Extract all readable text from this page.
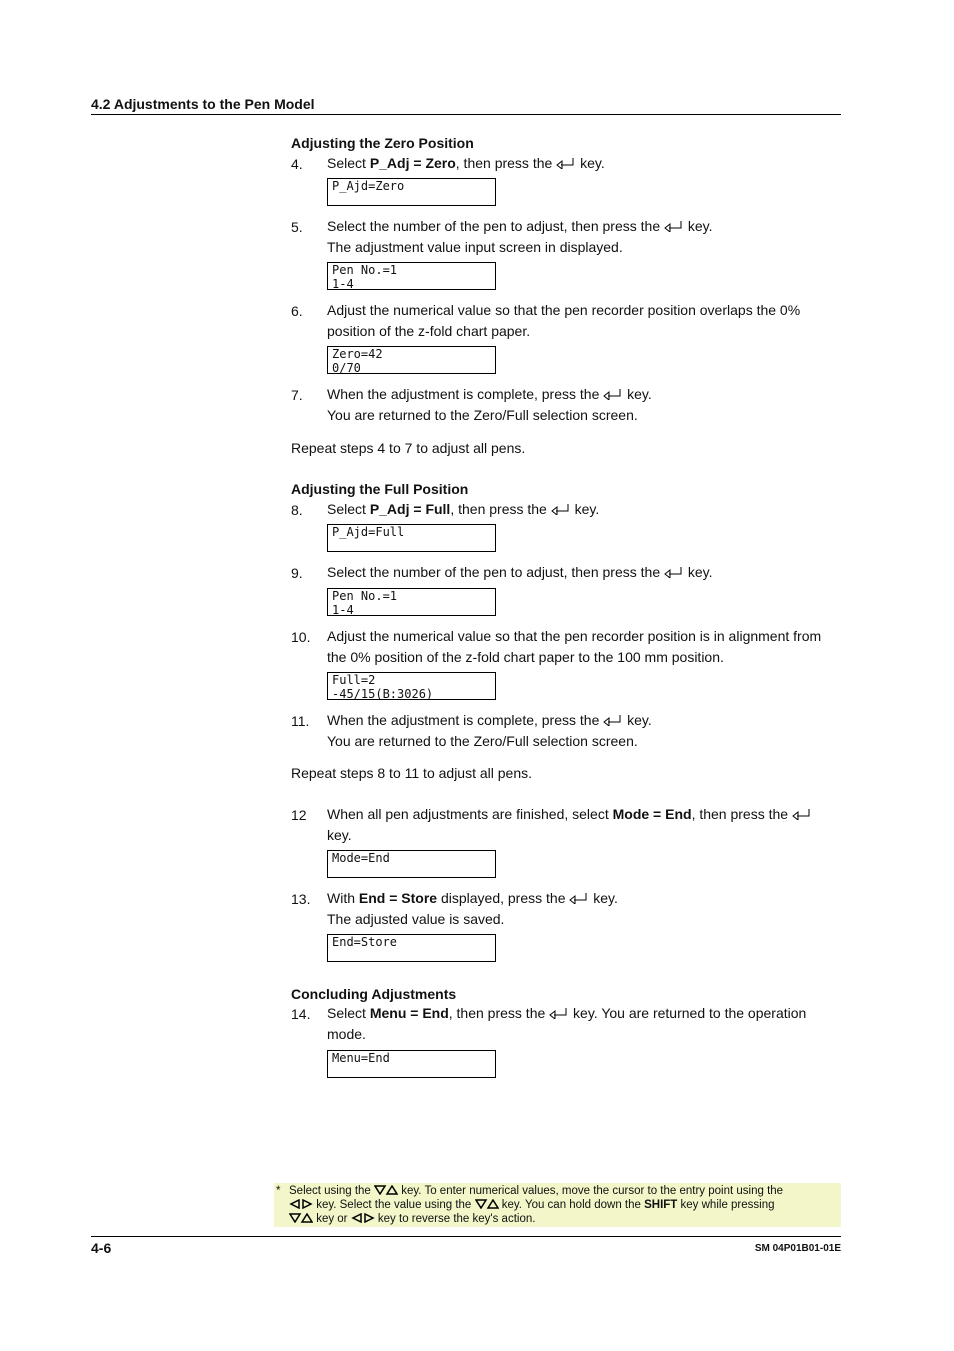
4.2 Adjustments to the Pen Model
Adjusting the Zero Position
4. Select P_Adj = Zero, then press the  key.
P_Ajd=Zero
5. Select the number of the pen to adjust, then press the  key.
The adjustment value input screen in displayed.
Pen No.=1
1-4
6. Adjust the numerical value so that the pen recorder position overlaps the 0%
position of the z-fold chart paper.
Zero=42
0/70
7. When the adjustment is complete, press the  key.
You are returned to the Zero/Full selection screen.
Repeat steps 4 to 7 to adjust all pens.
Adjusting the Full Position
8. Select P_Adj = Full, then press the  key.
P_Ajd=Full
9. Select the number of the pen to adjust, then press the  key.
Pen No.=1
1-4
10. Adjust the numerical value so that the pen recorder position is in alignment from
the 0% position of the z-fold chart paper to the 100 mm position.
Full=2
-45/15(B:3026)
11. When the adjustment is complete, press the  key.
You are returned to the Zero/Full selection screen.
Repeat steps 8 to 11 to adjust all pens.
12 When all pen adjustments are finished, select Mode = End, then press the
key.
Mode=End
13. With End = Store displayed, press the  key.
The adjusted value is saved.
End=Store
Concluding Adjustments
14. Select Menu = End, then press the  key. You are returned to the operation
mode.
Menu=End
* Select using the  key. To enter numerical values, move the cursor to the entry point using the
key. Select the value using the  key. You can hold down the SHIFT key while pressing
key or  key to reverse the key's action.
4-6	SM 04P01B01-01E
